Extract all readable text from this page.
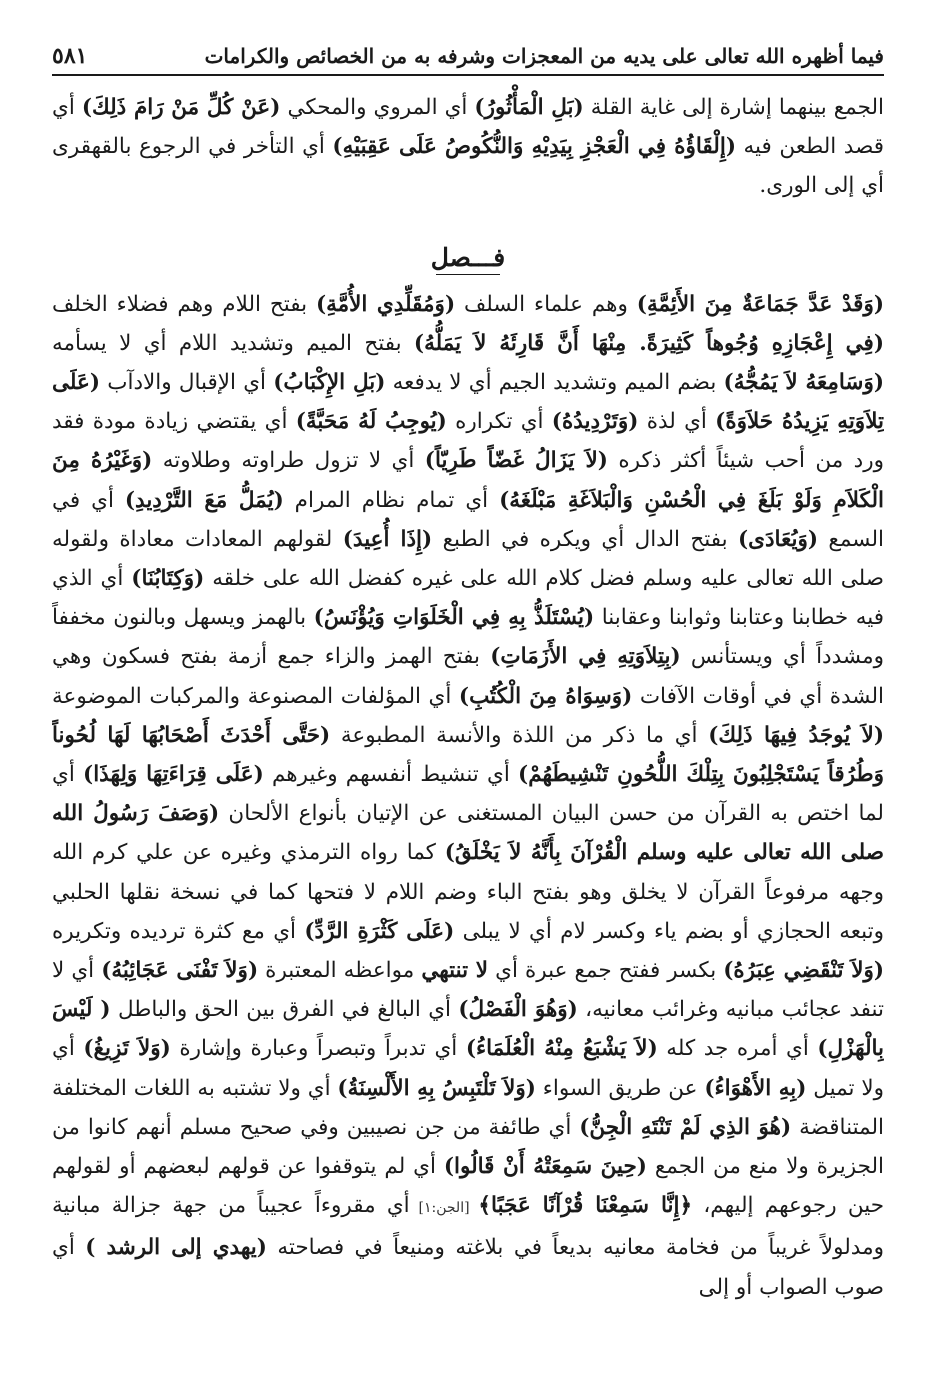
فيما أظهره الله تعالى على يديه من المعجزات وشرفه به من الخصائص والكرامات
٥٨١

الجمع بينهما إشارة إلى غاية القلة (بَلِ الْمَأْثُورُ) أي المروي والمحكي (عَنْ كُلِّ مَنْ رَامَ ذَلِكَ) أي قصد الطعن فيه (إِلْقَاؤُهُ فِي الْعَجْزِ بِيَدِيْهِ وَالنُّكُوصُ عَلَى عَقِبَيْهِ) أي التأخر في الرجوع بالقهقرى أي إلى الورى.

فـــصل

(وَقَدْ عَدَّ جَمَاعَةٌ مِنَ الأَئِمَّةِ) وهم علماء السلف (وَمُقَلِّدِي الأُمَّةِ) بفتح اللام وهم فضلاء الخلف (فِي إِعْجَازِهِ وُجُوهاً كَثِيرَةً. مِنْهَا أَنَّ قَارِئَهُ لاَ يَمَلُّهُ) بفتح الميم وتشديد اللام أي لا يسأمه (وَسَامِعَهُ لاَ يَمُجُّهُ) بضم الميم وتشديد الجيم أي لا يدفعه (بَلِ الإِكْبَابُ) أي الإقبال والادآب (عَلَى تِلاَوَتِهِ يَزِيدُهُ حَلاَوَةً) أي لذة (وَتَرْدِيدُهُ) أي تكراره (يُوجِبُ لَهُ مَحَبَّةً) أي يقتضي زيادة مودة فقد ورد من أحب شيئاً أكثر ذكره (لاَ يَزَالُ غَضّاً طَرِيّاً) أي لا تزول طراوته وطلاوته (وَغَيْرُهُ مِنَ الْكَلاَمِ وَلَوْ بَلَغَ فِي الْحُسْنِ وَالْبَلاَغَةِ مَبْلَغَهُ) أي تمام نظام المرام (يُمَلُّ مَعَ التَّرْدِيدِ) أي في السمع (وَيُعَادَى) بفتح الدال أي ويكره في الطبع (إِذَا أُعِيدَ) لقولهم المعادات معاداة ولقوله صلى الله تعالى عليه وسلم فضل كلام الله على غيره كفضل الله على خلقه (وَكِتَابُنَا) أي الذي فيه خطابنا وعتابنا وثوابنا وعقابنا (يُسْتَلَذُّ بِهِ فِي الْخَلَوَاتِ وَيُؤْنَسُ) بالهمز ويسهل وبالنون مخففاً ومشدداً أي ويستأنس (بِتِلاَوَتِهِ فِي الأَزَمَاتِ) بفتح الهمز والزاء جمع أزمة بفتح فسكون وهي الشدة أي في أوقات الآفات (وَسِوَاهُ مِنَ الْكُتُبِ) أي المؤلفات المصنوعة والمركبات الموضوعة (لاَ يُوجَدُ فِيهَا ذَلِكَ) أي ما ذكر من اللذة والأنسة المطبوعة (حَتَّى أَحْدَثَ أَصْحَابُهَا لَهَا لُحُوناً وَطُرُقاً يَسْتَجْلِبُونَ بِتِلْكَ اللُّحُونِ تَنْشِيطَهُمْ) أي تنشيط أنفسهم وغيرهم (عَلَى قِرَاءَتِهَا وَلِهَذَا) أي لما اختص به القرآن من حسن البيان المستغنى عن الإتيان بأنواع الألحان (وَصَفَ رَسُولُ الله صلى الله تعالى عليه وسلم الْقُرْآنَ بِأَنَّهُ لاَ يَخْلَقُ) كما رواه الترمذي وغيره عن علي كرم الله وجهه مرفوعاً القرآن لا يخلق وهو بفتح الباء وضم اللام لا فتحها كما في نسخة نقلها الحلبي وتبعه الحجازي أو بضم ياء وكسر لام أي لا يبلى (عَلَى كَثْرَةِ الرَّدِّ) أي مع كثرة ترديده وتكريره (وَلاَ تَنْقَضِي عِبَرُهُ) بكسر ففتح جمع عبرة أي لا تنتهي مواعظه المعتبرة (وَلاَ تَفْنَى عَجَائِبُهُ) أي لا تنفد عجائب مبانيه وغرائب معانيه، (وَهُوَ الْفَصْلُ) أي البالغ في الفرق بين الحق والباطل ( لَيْسَ بِالْهَزْلِ) أي أمره جد كله (لاَ يَشْبَعُ مِنْهُ الْعُلَمَاءُ) أي تدبراً وتبصراً وعبارة وإشارة (وَلاَ تَزِيغُ) أي ولا تميل (بِهِ الأَهْوَاءُ) عن طريق السواء (وَلاَ تَلْتَبِسُ بِهِ الأَلْسِنَةُ) أي ولا تشتبه به اللغات المختلفة المتناقضة (هُوَ الذِي لَمْ تَنْتَهِ الْجِنُّ) أي طائفة من جن نصيبين وفي صحيح مسلم أنهم كانوا من الجزيرة ولا منع من الجمع (حِينَ سَمِعَتْهُ أَنْ قَالُوا) أي لم يتوقفوا عن قولهم لبعضهم أو لقولهم حين رجوعهم إليهم، ﴿إِنَّا سَمِعْنَا قُرْآنًا عَجَبًا﴾ [الجن:١] أي مقروءاً عجيباً من جهة جزالة مبانية ومدلولاً غريباً من فخامة معانيه بديعاً في بلاغته ومنيعاً في فصاحته (يهدي إلى الرشد ) أي صوب الصواب أو إلى
